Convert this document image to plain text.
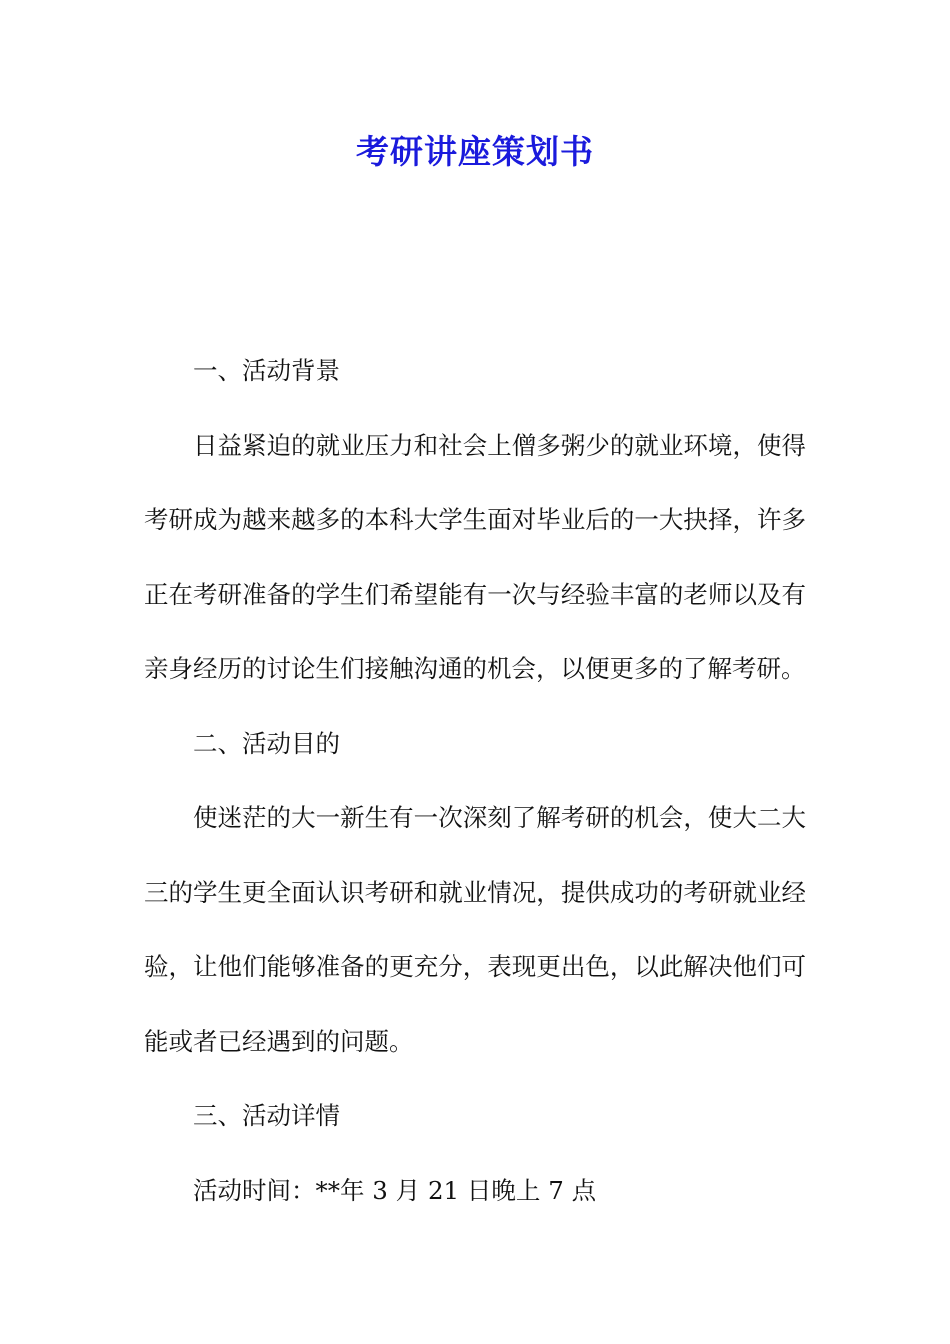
考研讲座策划书

一、活动背景

日益紧迫的就业压力和社会上僧多粥少的就业环境，使得考研成为越来越多的本科大学生面对毕业后的一大抉择，许多正在考研准备的学生们希望能有一次与经验丰富的老师以及有亲身经历的讨论生们接触沟通的机会，以便更多的了解考研。

二、活动目的

使迷茫的大一新生有一次深刻了解考研的机会，使大二大三的学生更全面认识考研和就业情况，提供成功的考研就业经验，让他们能够准备的更充分，表现更出色，以此解决他们可能或者已经遇到的问题。

三、活动详情

活动时间：**年 3 月 21 日晚上 7 点
